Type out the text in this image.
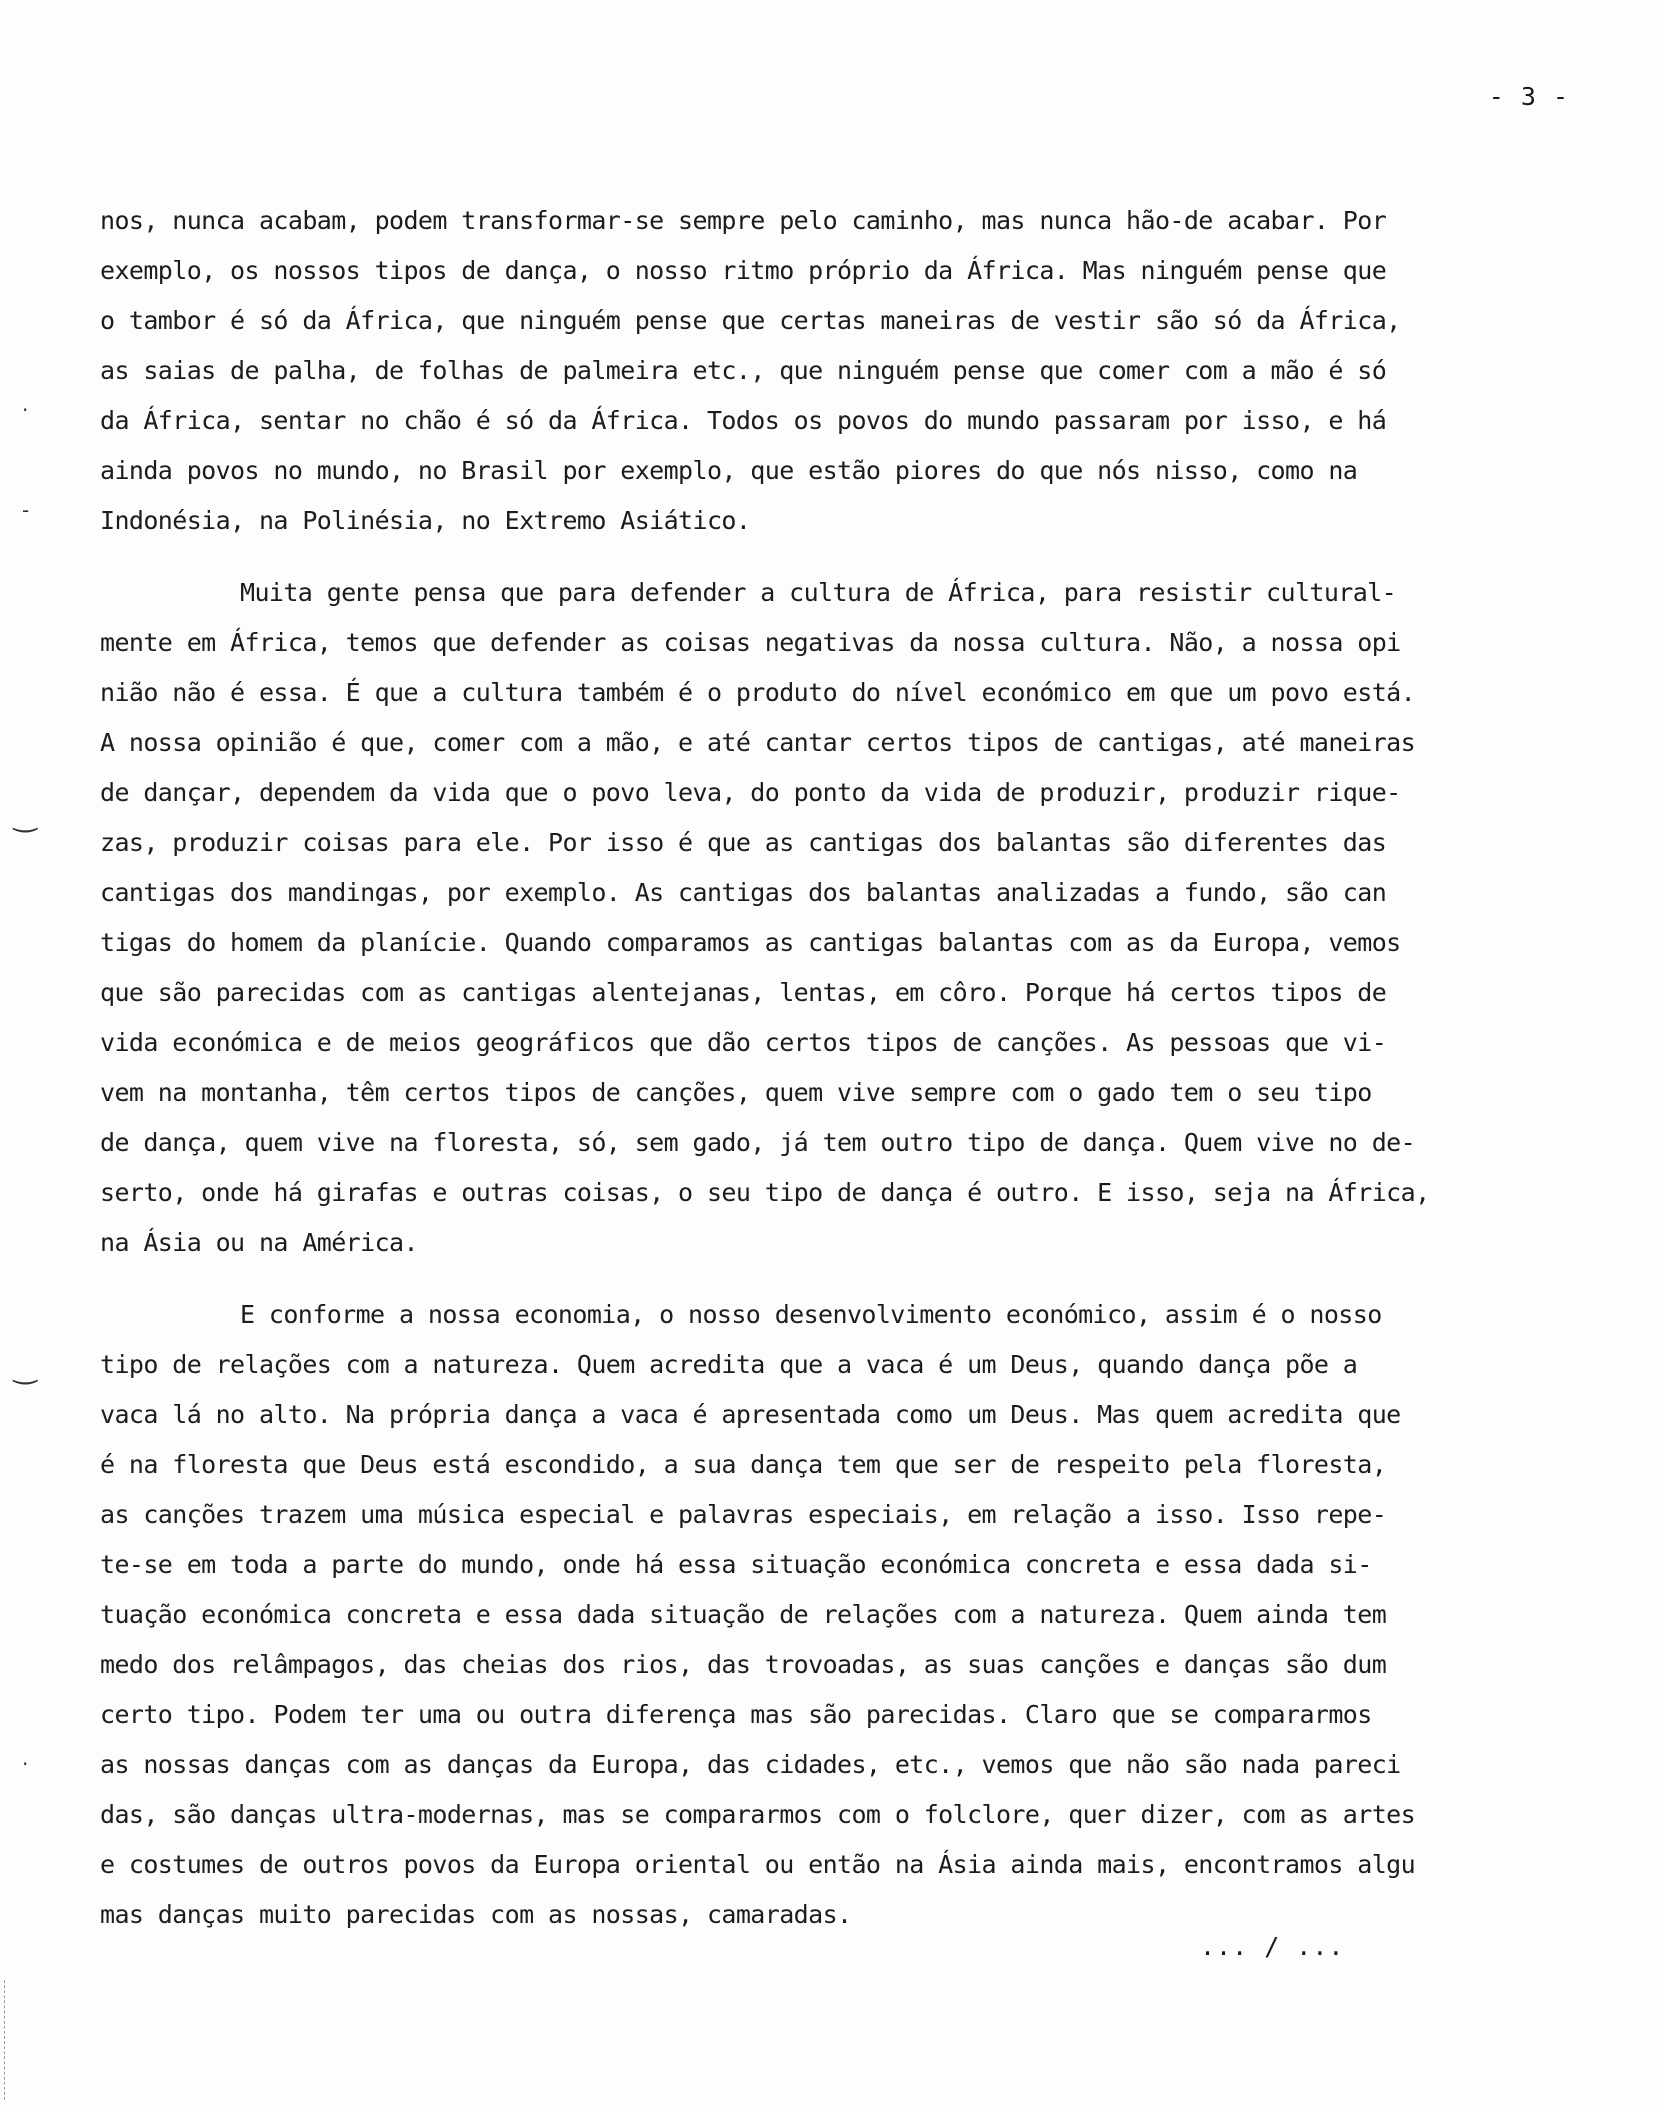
- 3 -
·
-
‿
‿
·
nos, nunca acabam, podem transformar-se sempre pelo caminho, mas nunca hão-de acabar. Por
exemplo, os nossos tipos de dança, o nosso ritmo próprio da África. Mas ninguém pense que
o tambor é só da África, que ninguém pense que certas maneiras de vestir são só da África,
as saias de palha, de folhas de palmeira etc., que ninguém pense que comer com a mão é só
da África, sentar no chão é só da África. Todos os povos do mundo passaram por isso, e há
ainda povos no mundo, no Brasil por exemplo, que estão piores do que nós nisso, como na
Indonésia, na Polinésia, no Extremo Asiático.
Muita gente pensa que para defender a cultura de África, para resistir cultural-
mente em África, temos que defender as coisas negativas da nossa cultura. Não, a nossa opi
nião não é essa. É que a cultura também é o produto do nível económico em que um povo está.
A nossa opinião é que, comer com a mão, e até cantar certos tipos de cantigas, até maneiras
de dançar, dependem da vida que o povo leva, do ponto da vida de produzir, produzir rique-
zas, produzir coisas para ele. Por isso é que as cantigas dos balantas são diferentes das
cantigas dos mandingas, por exemplo. As cantigas dos balantas analizadas a fundo, são can
tigas do homem da planície. Quando comparamos as cantigas balantas com as da Europa, vemos
que são parecidas com as cantigas alentejanas, lentas, em côro. Porque há certos tipos de
vida económica e de meios geográficos que dão certos tipos de canções. As pessoas que vi-
vem na montanha, têm certos tipos de canções, quem vive sempre com o gado tem o seu tipo
de dança, quem vive na floresta, só, sem gado, já tem outro tipo de dança. Quem vive no de-
serto, onde há girafas e outras coisas, o seu tipo de dança é outro. E isso, seja na África,
na Ásia ou na América.
E conforme a nossa economia, o nosso desenvolvimento económico, assim é o nosso
tipo de relações com a natureza. Quem acredita que a vaca é um Deus, quando dança põe a
vaca lá no alto. Na própria dança a vaca é apresentada como um Deus. Mas quem acredita que
é na floresta que Deus está escondido, a sua dança tem que ser de respeito pela floresta,
as canções trazem uma música especial e palavras especiais, em relação a isso. Isso repe-
te-se em toda a parte do mundo, onde há essa situação económica concreta e essa dada si-
tuação económica concreta e essa dada situação de relações com a natureza. Quem ainda tem
medo dos relâmpagos, das cheias dos rios, das trovoadas, as suas canções e danças são dum
certo tipo. Podem ter uma ou outra diferença mas são parecidas. Claro que se compararmos
as nossas danças com as danças da Europa, das cidades, etc., vemos que não são nada pareci
das, são danças ultra-modernas, mas se compararmos com o folclore, quer dizer, com as artes
e costumes de outros povos da Europa oriental ou então na Ásia ainda mais, encontramos algu
mas danças muito parecidas com as nossas, camaradas.
... / ...
